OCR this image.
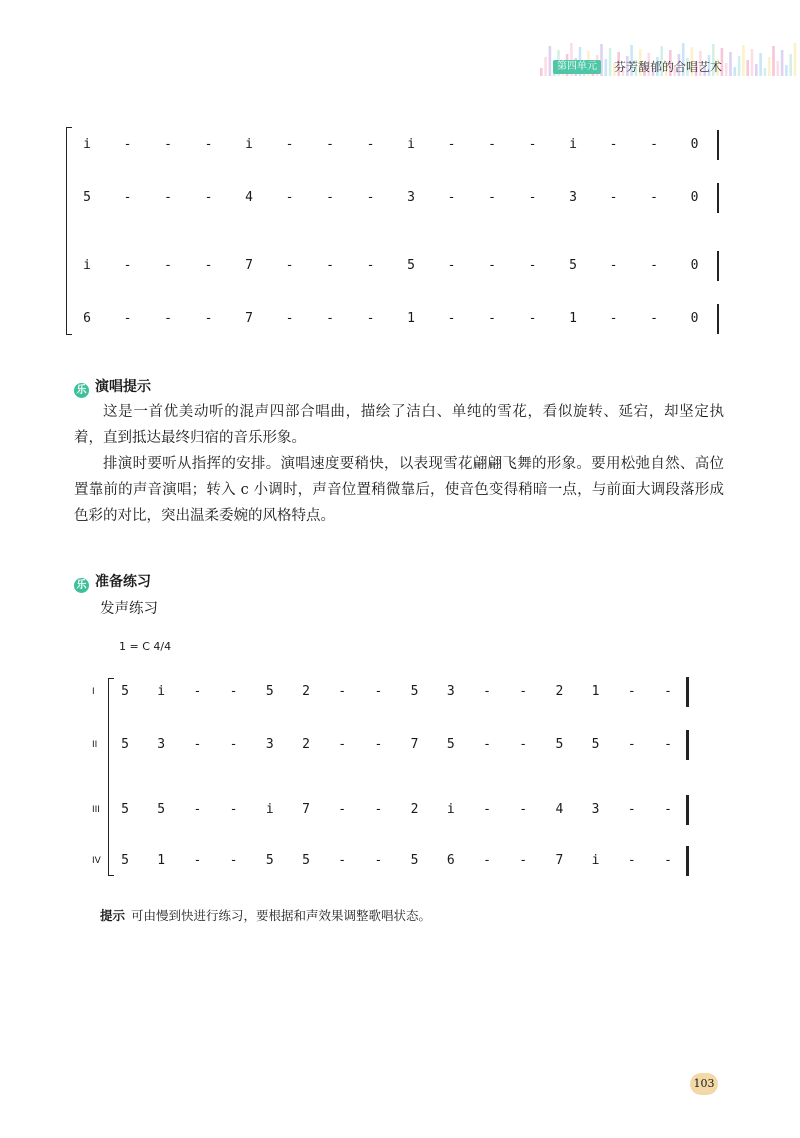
第四单元	芬芳馥郁的合唱艺术
i	-	-	-	i	-	-	-	i	-	-	-	i	-	-	0
5	-	-	-	4	-	-	-	3	-	-	-	3	-	-	0
i	-	-	-	7	-	-	-	5	-	-	-	5	-	-	0
6	-	-	-	7	-	-	-	1	-	-	-	1	-	-	0
乐 演唱提示
这是一首优美动听的混声四部合唱曲，描绘了洁白、单纯的雪花，看似旋转、延宕，却坚定执着，直到抵达最终归宿的音乐形象。
排演时要听从指挥的安排。演唱速度要稍快，以表现雪花翩翩飞舞的形象。要用松弛自然、高位置靠前的声音演唱；转入 c 小调时，声音位置稍微靠后，使音色变得稍暗一点，与前面大调段落形成色彩的对比，突出温柔委婉的风格特点。
乐 准备练习
发声练习
1 = C 4/4
I 5 i - - 5 2 - - 5 3 - - 2 1 - -
II 5 3 - - 3 2 - - 7 5 - - 5 5 - -
III 5 5 - - i 7 - - 2 i - - 4 3 - -
IV 5 1 - - 5 5 - - 5 6 - - 7 i - -
提示 可由慢到快进行练习，要根据和声效果调整歌唱状态。
103
